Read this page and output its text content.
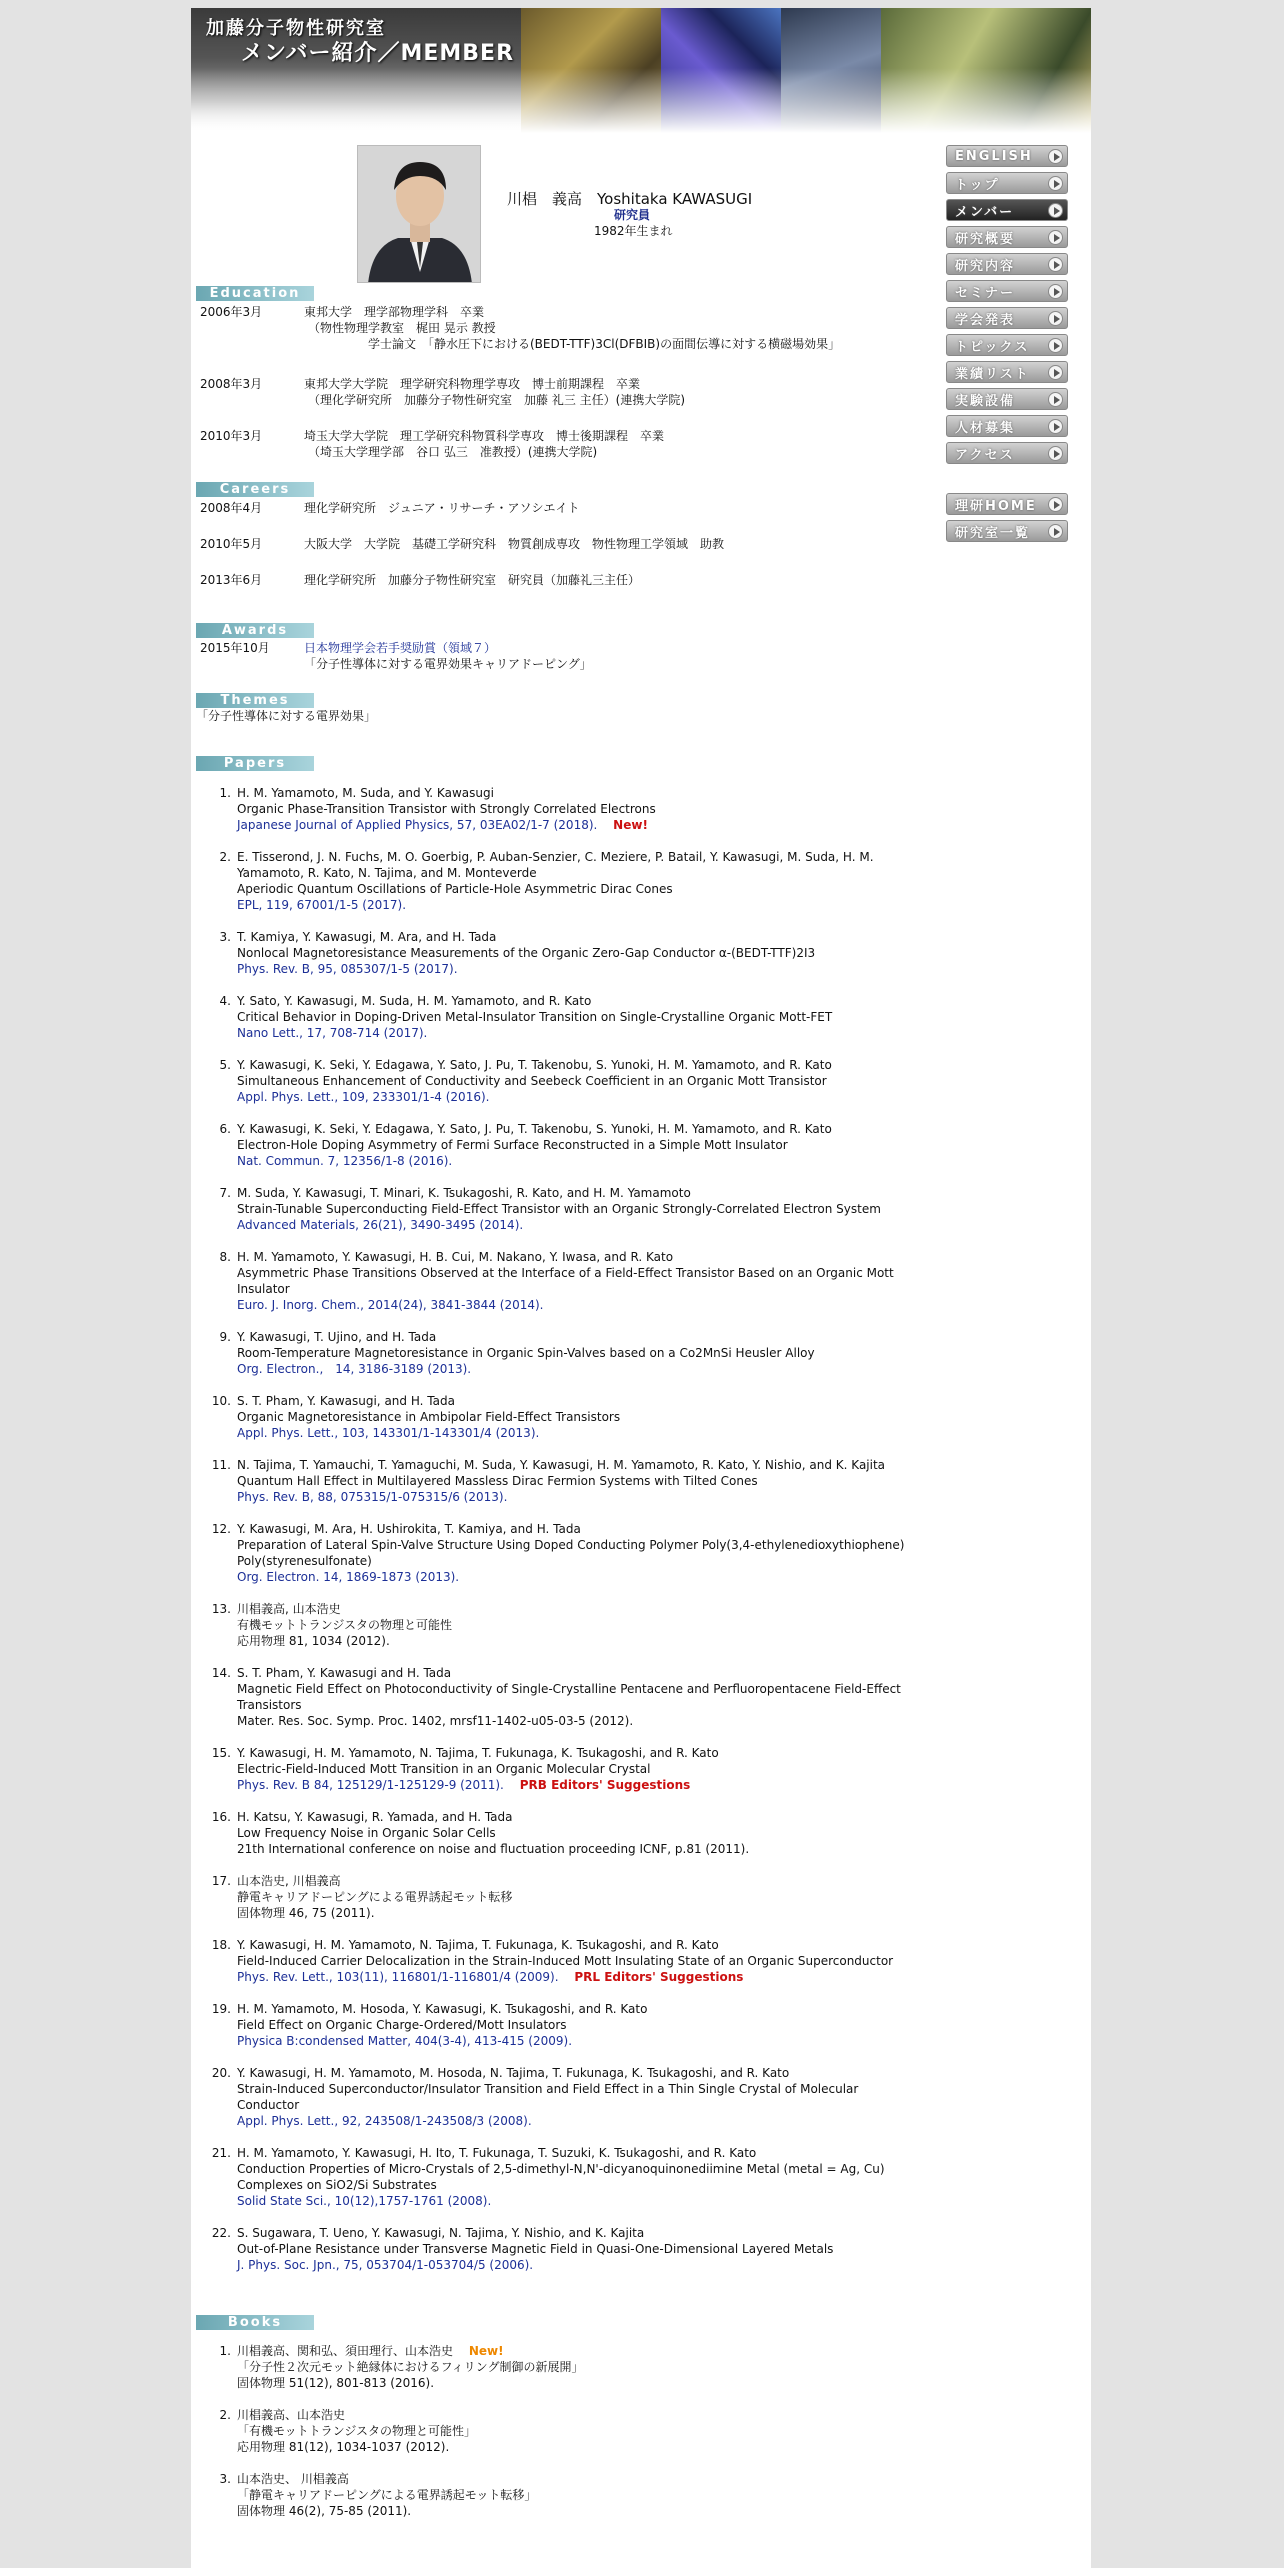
加藤分子物性研究室
メンバー紹介／MEMBER
ENGLISH
トップ
メンバー
研究概要
研究内容
セミナー
学会発表
トピックス
業績リスト
実験設備
人材募集
アクセス
理研HOME
研究室一覧
川椙　義高　Yoshitaka KAWASUGI
研究員
1982年生まれ
Education
Careers
Awards
Themes
「分子性導体に対する電界効果」
Papers
1. H. M. Yamamoto, M. Suda, and Y. Kawasugi
Organic Phase-Transition Transistor with Strongly Correlated Electrons
Japanese Journal of Applied Physics, 57, 03EA02/1-7 (2018).　 New!
2. E. Tisserond, J. N. Fuchs, M. O. Goerbig, P. Auban-Senzier, C. Meziere, P. Batail, Y. Kawasugi, M. Suda, H. M. Yamamoto, R. Kato, N. Tajima, and M. Monteverde
Aperiodic Quantum Oscillations of Particle-Hole Asymmetric Dirac Cones
EPL, 119, 67001/1-5 (2017).
3. T. Kamiya, Y. Kawasugi, M. Ara, and H. Tada
Nonlocal Magnetoresistance Measurements of the Organic Zero-Gap Conductor α-(BEDT-TTF)2I3
Phys. Rev. B, 95, 085307/1-5 (2017).
4. Y. Sato, Y. Kawasugi, M. Suda, H. M. Yamamoto, and R. Kato
Critical Behavior in Doping-Driven Metal-Insulator Transition on Single-Crystalline Organic Mott-FET
Nano Lett., 17, 708-714 (2017).
5. Y. Kawasugi, K. Seki, Y. Edagawa, Y. Sato, J. Pu, T. Takenobu, S. Yunoki, H. M. Yamamoto, and R. Kato
Simultaneous Enhancement of Conductivity and Seebeck Coefficient in an Organic Mott Transistor
Appl. Phys. Lett., 109, 233301/1-4 (2016).
6. Y. Kawasugi, K. Seki, Y. Edagawa, Y. Sato, J. Pu, T. Takenobu, S. Yunoki, H. M. Yamamoto, and R. Kato
Electron-Hole Doping Asymmetry of Fermi Surface Reconstructed in a Simple Mott Insulator
Nat. Commun. 7, 12356/1-8 (2016).
7. M. Suda, Y. Kawasugi, T. Minari, K. Tsukagoshi, R. Kato, and H. M. Yamamoto
Strain-Tunable Superconducting Field-Effect Transistor with an Organic Strongly-Correlated Electron System
Advanced Materials, 26(21), 3490-3495 (2014).
8. H. M. Yamamoto, Y. Kawasugi, H. B. Cui, M. Nakano, Y. Iwasa, and R. Kato
Asymmetric Phase Transitions Observed at the Interface of a Field-Effect Transistor Based on an Organic Mott Insulator
Euro. J. Inorg. Chem., 2014(24), 3841-3844 (2014).
9. Y. Kawasugi, T. Ujino, and H. Tada
Room-Temperature Magnetoresistance in Organic Spin-Valves based on a Co2MnSi Heusler Alloy
Org. Electron.,　14, 3186-3189 (2013).
10. S. T. Pham, Y. Kawasugi, and H. Tada
Organic Magnetoresistance in Ambipolar Field-Effect Transistors
Appl. Phys. Lett., 103, 143301/1-143301/4 (2013).
11. N. Tajima, T. Yamauchi, T. Yamaguchi, M. Suda, Y. Kawasugi, H. M. Yamamoto, R. Kato, Y. Nishio, and K. Kajita
Quantum Hall Effect in Multilayered Massless Dirac Fermion Systems with Tilted Cones
Phys. Rev. B, 88, 075315/1-075315/6 (2013).
12. Y. Kawasugi, M. Ara, H. Ushirokita, T. Kamiya, and H. Tada
Preparation of Lateral Spin-Valve Structure Using Doped Conducting Polymer Poly(3,4-ethylenedioxythiophene) Poly(styrenesulfonate)
Org. Electron. 14, 1869-1873 (2013).
13. 川椙義高, 山本浩史
有機モットトランジスタの物理と可能性
応用物理 81, 1034 (2012).
14. S. T. Pham, Y. Kawasugi and H. Tada
Magnetic Field Effect on Photoconductivity of Single-Crystalline Pentacene and Perfluoropentacene Field-Effect Transistors
Mater. Res. Soc. Symp. Proc. 1402, mrsf11-1402-u05-03-5 (2012).
15. Y. Kawasugi, H. M. Yamamoto, N. Tajima, T. Fukunaga, K. Tsukagoshi, and R. Kato
Electric-Field-Induced Mott Transition in an Organic Molecular Crystal
Phys. Rev. B 84, 125129/1-125129-9 (2011).　 PRB Editors' Suggestions
16. H. Katsu, Y. Kawasugi, R. Yamada, and H. Tada
Low Frequency Noise in Organic Solar Cells
21th International conference on noise and fluctuation proceeding ICNF, p.81 (2011).
17. 山本浩史, 川椙義高
静電キャリアドーピングによる電界誘起モット転移
固体物理 46, 75 (2011).
18. Y. Kawasugi, H. M. Yamamoto, N. Tajima, T. Fukunaga, K. Tsukagoshi, and R. Kato
Field-Induced Carrier Delocalization in the Strain-Induced Mott Insulating State of an Organic Superconductor
Phys. Rev. Lett., 103(11), 116801/1-116801/4 (2009).　 PRL Editors' Suggestions
19. H. M. Yamamoto, M. Hosoda, Y. Kawasugi, K. Tsukagoshi, and R. Kato
Field Effect on Organic Charge-Ordered/Mott Insulators
Physica B:condensed Matter, 404(3-4), 413-415 (2009).
20. Y. Kawasugi, H. M. Yamamoto, M. Hosoda, N. Tajima, T. Fukunaga, K. Tsukagoshi, and R. Kato
Strain-Induced Superconductor/Insulator Transition and Field Effect in a Thin Single Crystal of Molecular Conductor
Appl. Phys. Lett., 92, 243508/1-243508/3 (2008).
21. H. M. Yamamoto, Y. Kawasugi, H. Ito, T. Fukunaga, T. Suzuki, K. Tsukagoshi, and R. Kato
Conduction Properties of Micro-Crystals of 2,5-dimethyl-N,N'-dicyanoquinonediimine Metal (metal = Ag, Cu) Complexes on SiO2/Si Substrates
Solid State Sci., 10(12),1757-1761 (2008).
22. S. Sugawara, T. Ueno, Y. Kawasugi, N. Tajima, Y. Nishio, and K. Kajita
Out-of-Plane Resistance under Transverse Magnetic Field in Quasi-One-Dimensional Layered Metals
J. Phys. Soc. Jpn., 75, 053704/1-053704/5 (2006).
Books
1. 川椙義高、関和弘、須田理行、山本浩史　 New!
「分子性２次元モット絶縁体におけるフィリング制御の新展開」
固体物理 51(12), 801-813 (2016).
2. 川椙義高、山本浩史
「有機モットトランジスタの物理と可能性」
応用物理 81(12), 1034-1037 (2012).
3. 山本浩史、 川椙義高
「静電キャリアドーピングによる電界誘起モット転移」
固体物理 46(2), 75-85 (2011).
2006年3月	東邦大学　理学部物理学科　卒業
（物性物理学教室　梶田 晃示 教授
学士論文　「静水圧下における(BEDT-TTF)3Cl(DFBIB)の面間伝導に対する横磁場効果」
2008年3月	東邦大学大学院　理学研究科物理学専攻　博士前期課程　卒業
（理化学研究所　加藤分子物性研究室　加藤 礼三 主任）(連携大学院)
2010年3月	埼玉大学大学院　理工学研究科物質科学専攻　博士後期課程　卒業
（埼玉大学理学部　谷口 弘三　准教授）(連携大学院)
2008年4月	理化学研究所　ジュニア・リサーチ・アソシエイト
2010年5月	大阪大学　大学院　基礎工学研究科　物質創成専攻　物性物理工学領域　助教
2013年6月	理化学研究所　加藤分子物性研究室　研究員（加藤礼三主任）
2015年10月	日本物理学会若手奨励賞（領域７）
「分子性導体に対する電界効果キャリアドーピング」
